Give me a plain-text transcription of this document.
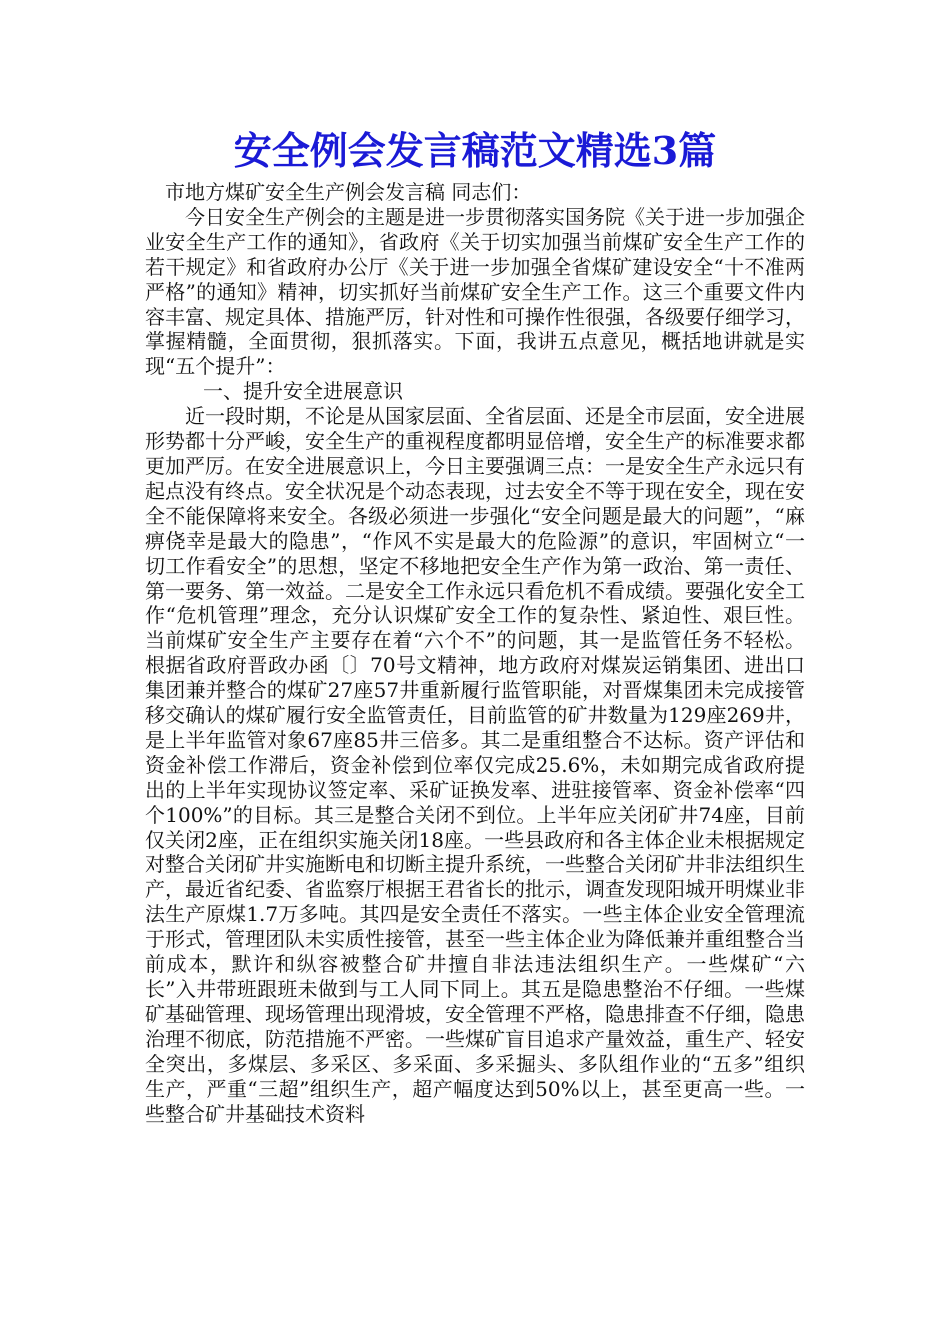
安全例会发言稿范文精选3篇

市地方煤矿安全生产例会发言稿 同志们：

今日安全生产例会的主题是进一步贯彻落实国务院《关于进一步加强企业安全生产工作的通知》，省政府《关于切实加强当前煤矿安全生产工作的若干规定》和省政府办公厅《关于进一步加强全省煤矿建设安全“十不准两严格”的通知》精神，切实抓好当前煤矿安全生产工作。这三个重要文件内容丰富、规定具体、措施严厉，针对性和可操作性很强，各级要仔细学习，掌握精髓，全面贯彻，狠抓落实。下面，我讲五点意见，概括地讲就是实现“五个提升”：

一、提升安全进展意识

近一段时期，不论是从国家层面、全省层面、还是全市层面，安全进展形势都十分严峻，安全生产的重视程度都明显倍增，安全生产的标准要求都更加严厉。在安全进展意识上，今日主要强调三点：一是安全生产永远只有起点没有终点。安全状况是个动态表现，过去安全不等于现在安全，现在安全不能保障将来安全。各级必须进一步强化“安全问题是最大的问题”，“麻痹侥幸是最大的隐患”，“作风不实是最大的危险源”的意识，牢固树立“一切工作看安全”的思想，坚定不移地把安全生产作为第一政治、第一责任、第一要务、第一效益。二是安全工作永远只看危机不看成绩。要强化安全工作“危机管理”理念，充分认识煤矿安全工作的复杂性、紧迫性、艰巨性。当前煤矿安全生产主要存在着“六个不”的问题，其一是监管任务不轻松。根据省政府晋政办函〔〕70号文精神，地方政府对煤炭运销集团、进出口集团兼并整合的煤矿27座57井重新履行监管职能，对晋煤集团未完成接管移交确认的煤矿履行安全监管责任，目前监管的矿井数量为129座269井，是上半年监管对象67座85井三倍多。其二是重组整合不达标。资产评估和资金补偿工作滞后，资金补偿到位率仅完成25.6%，未如期完成省政府提出的上半年实现协议签定率、采矿证换发率、进驻接管率、资金补偿率“四个100%”的目标。其三是整合关闭不到位。上半年应关闭矿井74座，目前仅关闭2座，正在组织实施关闭18座。一些县政府和各主体企业未根据规定对整合关闭矿井实施断电和切断主提升系统，一些整合关闭矿井非法组织生产，最近省纪委、省监察厅根据王君省长的批示，调查发现阳城开明煤业非法生产原煤1.7万多吨。其四是安全责任不落实。一些主体企业安全管理流于形式，管理团队未实质性接管，甚至一些主体企业为降低兼并重组整合当前成本，默许和纵容被整合矿井擅自非法违法组织生产。一些煤矿“六长”入井带班跟班未做到与工人同下同上。其五是隐患整治不仔细。一些煤矿基础管理、现场管理出现滑坡，安全管理不严格，隐患排查不仔细，隐患治理不彻底，防范措施不严密。一些煤矿盲目追求产量效益，重生产、轻安全突出，多煤层、多采区、多采面、多采掘头、多队组作业的“五多”组织生产，严重“三超”组织生产，超产幅度达到50%以上，甚至更高一些。一些整合矿井基础技术资料
